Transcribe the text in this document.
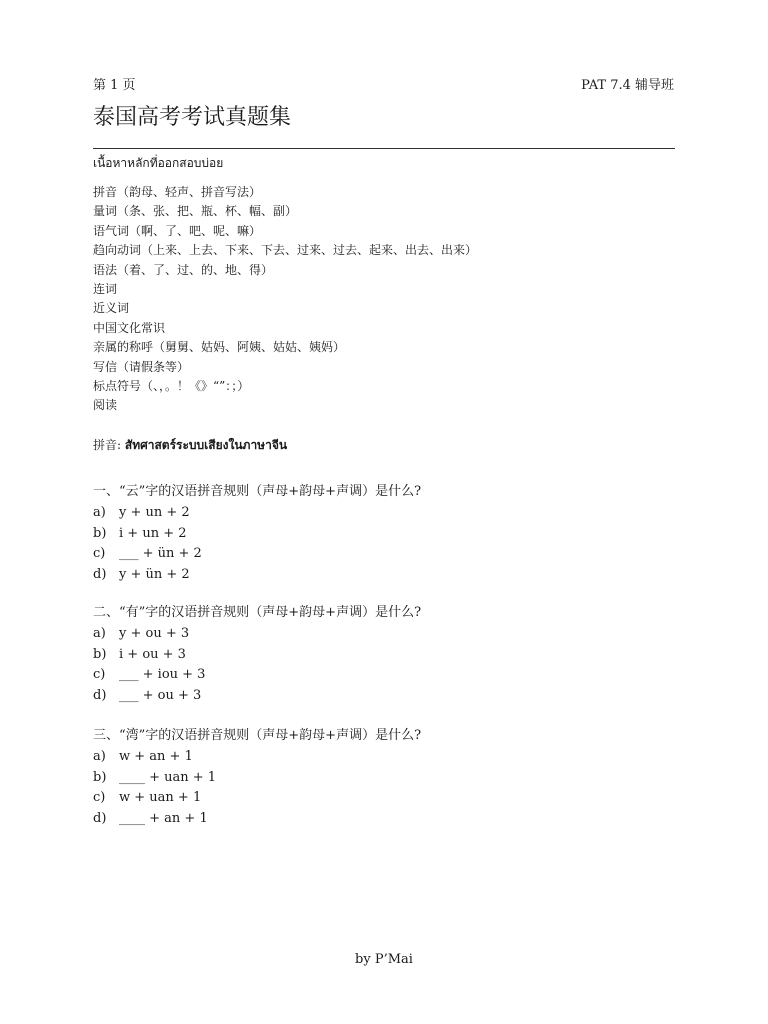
第 1 页	PAT 7.4 辅导班
泰国高考考试真题集
เนื้อหาหลักที่ออกสอบบ่อย
拼音（韵母、轻声、拼音写法）
量词（条、张、把、瓶、杯、幅、副）
语气词（啊、了、吧、呢、嘛）
趋向动词（上来、上去、下来、下去、过来、过去、起来、出去、出来）
语法（着、了、过、的、地、得）
连词
近义词
中国文化常识
亲属的称呼（舅舅、姑妈、阿姨、姑姑、姨妈）
写信（请假条等）
标点符号（、，。！《》“”：；）
阅读
拼音: สัทศาสตร์ระบบเสียงในภาษาจีน
一、“云”字的汉语拼音规则（声母+韵母+声调）是什么?
a) y + un + 2
b) i + un + 2
c) ___ + ün + 2
d) y + ün + 2
二、“有”字的汉语拼音规则（声母+韵母+声调）是什么?
a) y + ou + 3
b) i + ou + 3
c) ___ + iou + 3
d) ___ + ou + 3
三、“湾”字的汉语拼音规则（声母+韵母+声调）是什么?
a) w + an + 1
b) ____ + uan + 1
c) w + uan + 1
d) ____ + an + 1
by P’Mai
